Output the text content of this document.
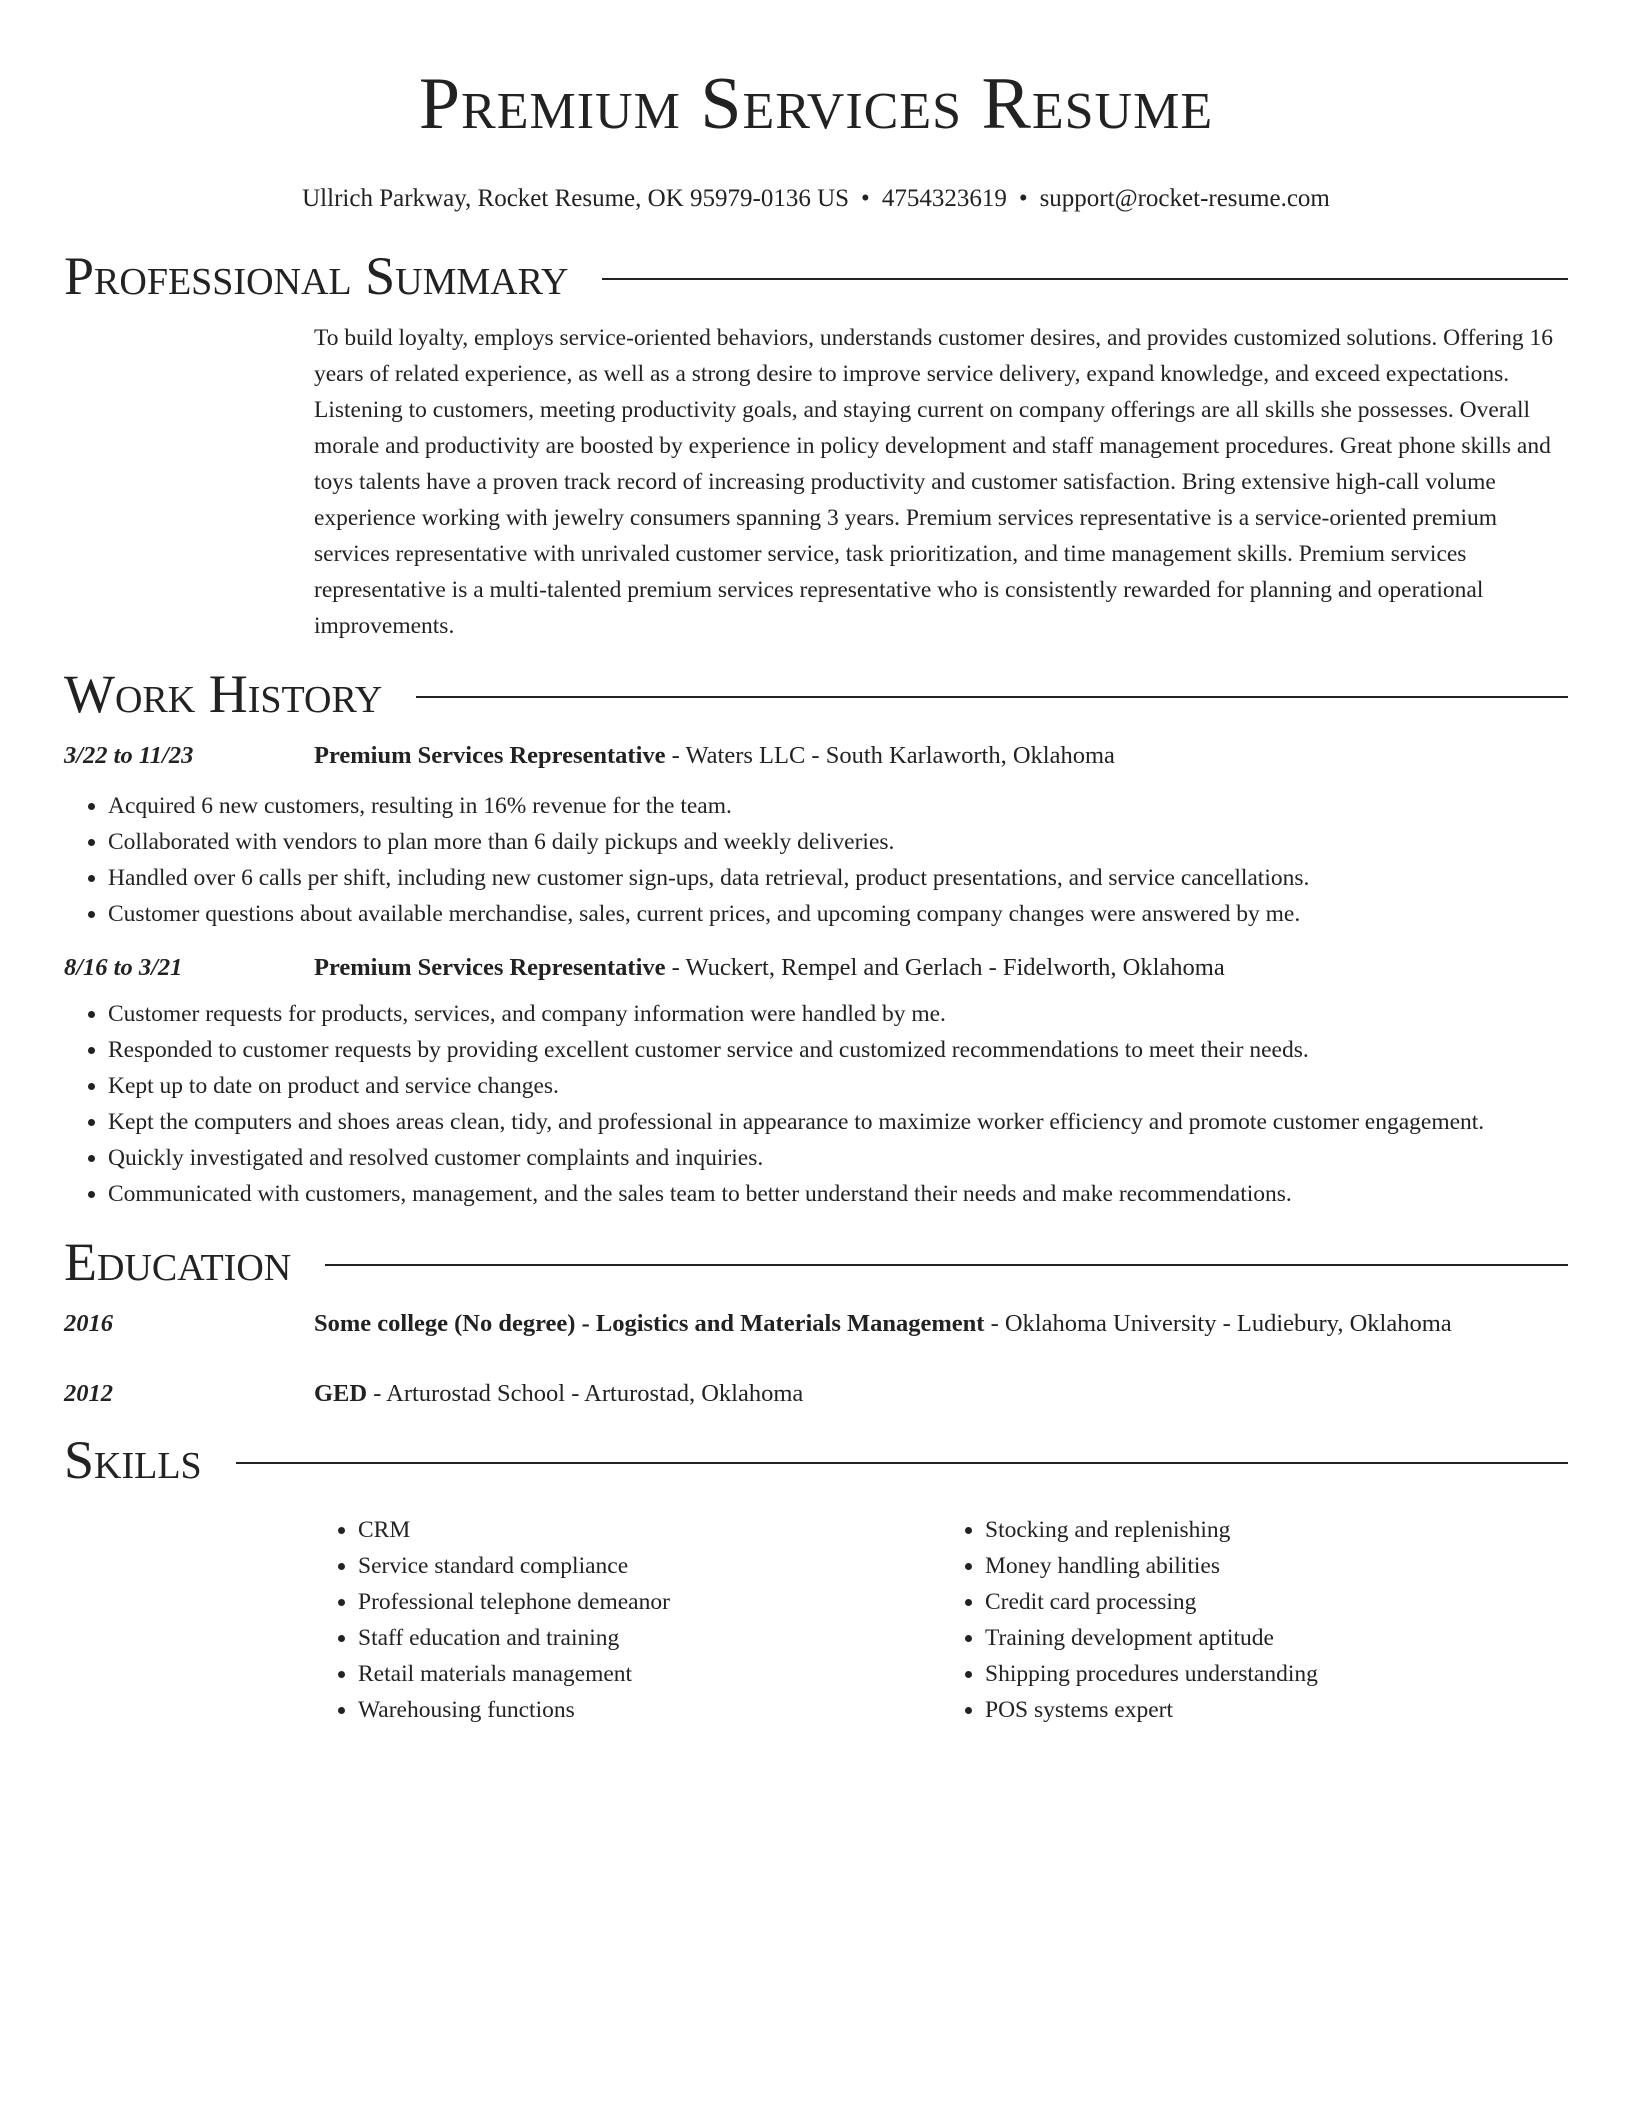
Premium Services Resume
Ullrich Parkway, Rocket Resume, OK 95979-0136 US • 4754323619 • support@rocket-resume.com
Professional Summary
To build loyalty, employs service-oriented behaviors, understands customer desires, and provides customized solutions. Offering 16 years of related experience, as well as a strong desire to improve service delivery, expand knowledge, and exceed expectations. Listening to customers, meeting productivity goals, and staying current on company offerings are all skills she possesses. Overall morale and productivity are boosted by experience in policy development and staff management procedures. Great phone skills and toys talents have a proven track record of increasing productivity and customer satisfaction. Bring extensive high-call volume experience working with jewelry consumers spanning 3 years. Premium services representative is a service-oriented premium services representative with unrivaled customer service, task prioritization, and time management skills. Premium services representative is a multi-talented premium services representative who is consistently rewarded for planning and operational improvements.
Work History
3/22 to 11/23	Premium Services Representative - Waters LLC - South Karlaworth, Oklahoma
• Acquired 6 new customers, resulting in 16% revenue for the team.
• Collaborated with vendors to plan more than 6 daily pickups and weekly deliveries.
• Handled over 6 calls per shift, including new customer sign-ups, data retrieval, product presentations, and service cancellations.
• Customer questions about available merchandise, sales, current prices, and upcoming company changes were answered by me.
8/16 to 3/21	Premium Services Representative - Wuckert, Rempel and Gerlach - Fidelworth, Oklahoma
• Customer requests for products, services, and company information were handled by me.
• Responded to customer requests by providing excellent customer service and customized recommendations to meet their needs.
• Kept up to date on product and service changes.
• Kept the computers and shoes areas clean, tidy, and professional in appearance to maximize worker efficiency and promote customer engagement.
• Quickly investigated and resolved customer complaints and inquiries.
• Communicated with customers, management, and the sales team to better understand their needs and make recommendations.
Education
2016	Some college (No degree) - Logistics and Materials Management - Oklahoma University - Ludiebury, Oklahoma
2012	GED - Arturostad School - Arturostad, Oklahoma
Skills
• CRM
• Service standard compliance
• Professional telephone demeanor
• Staff education and training
• Retail materials management
• Warehousing functions
• Stocking and replenishing
• Money handling abilities
• Credit card processing
• Training development aptitude
• Shipping procedures understanding
• POS systems expert
